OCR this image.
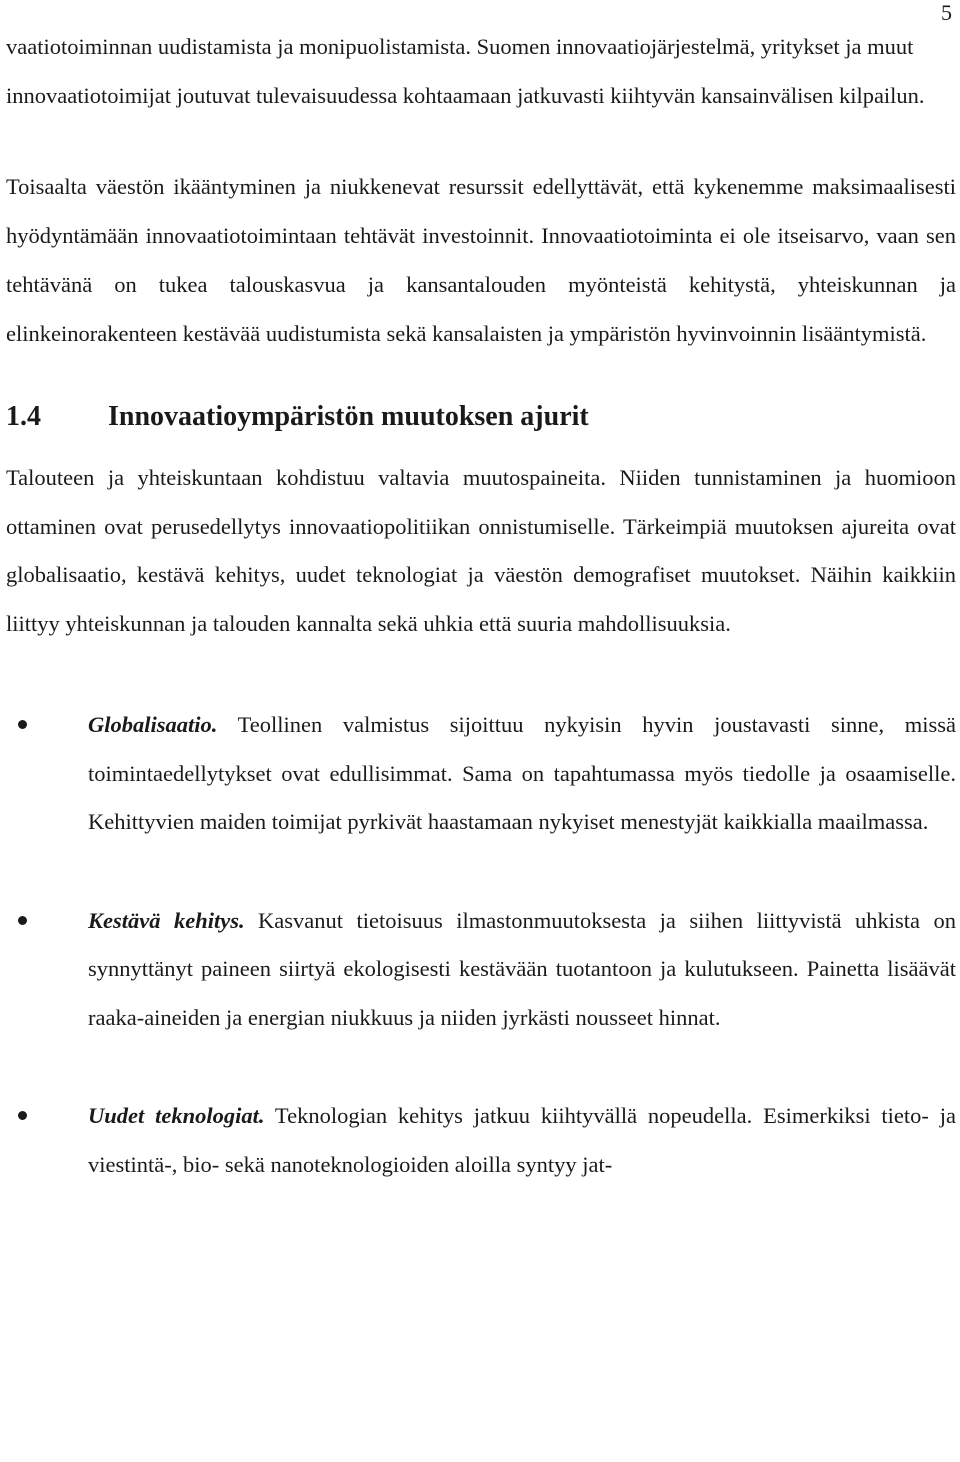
5

vaatiotoiminnan uudistamista ja monipuolistamista. Suomen innovaatiojärjestelmä, yritykset ja muut innovaatiotoimijat joutuvat tulevaisuudessa kohtaamaan jatkuvasti kiihtyvän kansainvälisen kilpailun.

Toisaalta väestön ikääntyminen ja niukkenevat resurssit edellyttävät, että kykenemme maksimaalisesti hyödyntämään innovaatiotoimintaan tehtävät investoinnit. Innovaatiotoiminta ei ole itseisarvo, vaan sen tehtävänä on tukea talouskasvua ja kansantalouden myönteistä kehitystä, yhteiskunnan ja elinkeinorakenteen kestävää uudistumista sekä kansalaisten ja ympäristön hyvinvoinnin lisääntymistä.

1.4	Innovaatioympäristön muutoksen ajurit

Talouteen ja yhteiskuntaan kohdistuu valtavia muutospaineita. Niiden tunnistaminen ja huomioon ottaminen ovat perusedellytys innovaatiopolitiikan onnistumiselle. Tärkeimpiä muutoksen ajureita ovat globalisaatio, kestävä kehitys, uudet teknologiat ja väestön demografiset muutokset. Näihin kaikkiin liittyy yhteiskunnan ja talouden kannalta sekä uhkia että suuria mahdollisuuksia.

Globalisaatio. Teollinen valmistus sijoittuu nykyisin hyvin joustavasti sinne, missä toimintaedellytykset ovat edullisimmat. Sama on tapahtumassa myös tiedolle ja osaamiselle. Kehittyvien maiden toimijat pyrkivät haastamaan nykyiset menestyjät kaikkialla maailmassa.
Kestävä kehitys. Kasvanut tietoisuus ilmastonmuutoksesta ja siihen liittyvistä uhkista on synnyttänyt paineen siirtyä ekologisesti kestävään tuotantoon ja kulutukseen. Painetta lisäävät raaka-aineiden ja energian niukkuus ja niiden jyrkästi nousseet hinnat.
Uudet teknologiat. Teknologian kehitys jatkuu kiihtyvällä nopeudella. Esimerkiksi tieto- ja viestintä-, bio- sekä nanoteknologioiden aloilla syntyy jat-
